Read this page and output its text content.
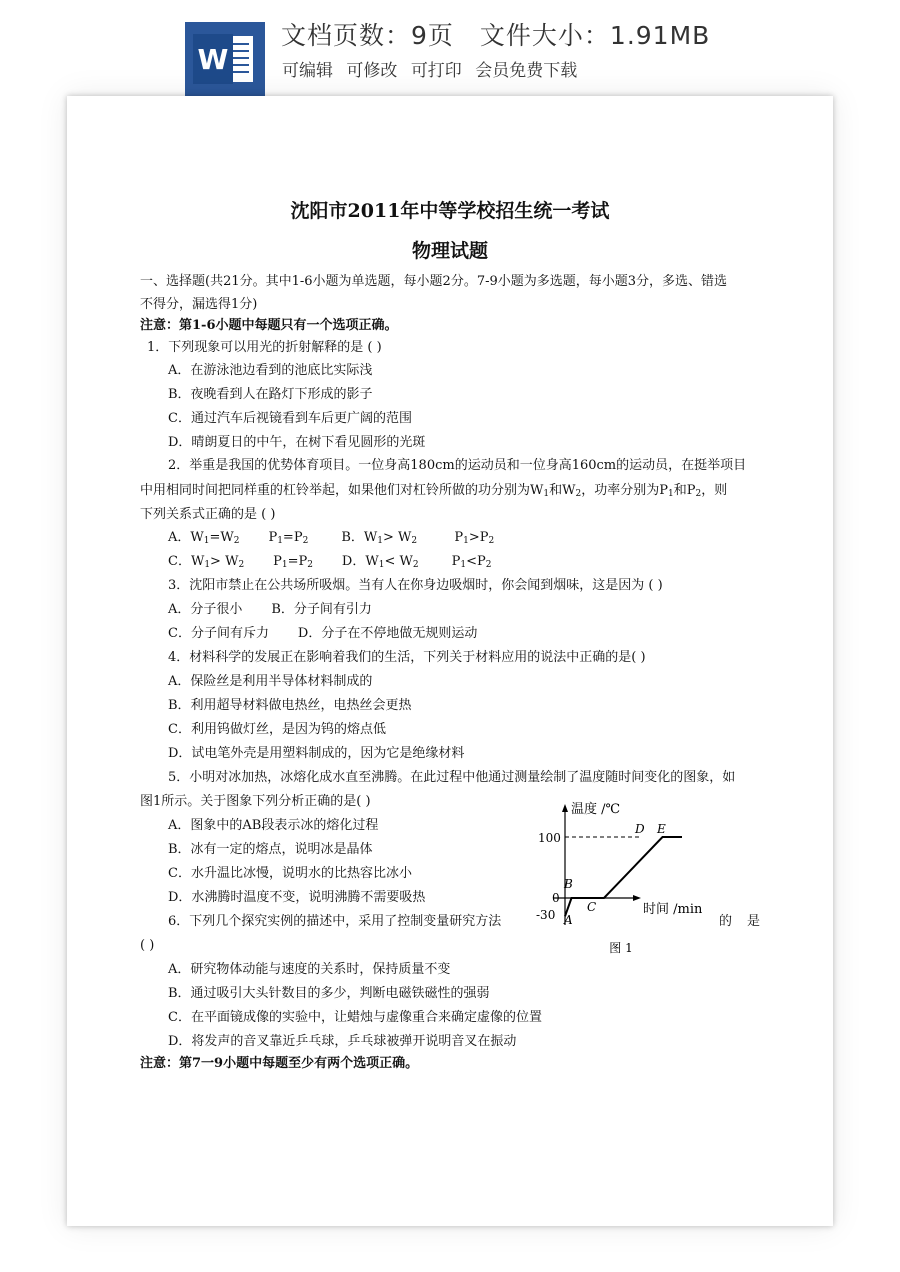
W
文档页数：9页 文件大小：1.91MB
可编辑 可修改 可打印 会员免费下载
沈阳市2011年中等学校招生统一考试
物理试题
一、选择题(共21分。其中1-6小题为单选题，每小题2分。7-9小题为多选题，每小题3分，多选、错选
不得分，漏选得1分)
注意：第1-6小题中每题只有一个选项正确。
1．下列现象可以用光的折射解释的是 ( )
A．在游泳池边看到的池底比实际浅
B．夜晚看到人在路灯下形成的影子
C．通过汽车后视镜看到车后更广阔的范围
D．晴朗夏日的中午，在树下看见圆形的光斑
2．举重是我国的优势体育项目。一位身高180cm的运动员和一位身高160cm的运动员，在挺举项目
中用相同时间把同样重的杠铃举起，如果他们对杠铃所做的功分别为$W_1$和$W_2$，功率分别为$P_1$和$P_2$，则
下列关系式正确的是 ( )
A．$W_1=W_2$ $P_1=P_2$	B．$W_1> W_2$	$P_1>P_2$
C．$W_1> W_2$ $P_1=P_2$ D．$W_1< W_2$	$P_1<P_2$
3．沈阳市禁止在公共场所吸烟。当有人在你身边吸烟时，你会闻到烟味，这是因为 ( )
A．分子很小 B．分子间有引力
C．分子间有斥力 D．分子在不停地做无规则运动
4．材料科学的发展正在影响着我们的生活，下列关于材料应用的说法中正确的是( )
A．保险丝是利用半导体材料制成的
B．利用超导材料做电热丝，电热丝会更热
C．利用钨做灯丝，是因为钨的熔点低
D．试电笔外壳是用塑料制成的，因为它是绝缘材料
5．小明对冰加热，冰熔化成水直至沸腾。在此过程中他通过测量绘制了温度随时间变化的图象，如
图1所示。关于图象下列分析正确的是( )
A．图象中的AB段表示冰的熔化过程
B．冰有一定的熔点，说明冰是晶体
C．水升温比冰慢，说明水的比热容比冰小
D．水沸腾时温度不变，说明沸腾不需要吸热
6．下列几个探究实例的描述中，采用了控制变量研究方法	的 是
( )
A．研究物体动能与速度的关系时，保持质量不变
B．通过吸引大头针数目的多少，判断电磁铁磁性的强弱
C．在平面镜成像的实验中，让蜡烛与虚像重合来确定虚像的位置
D．将发声的音叉靠近乒乓球，乒乓球被弹开说明音叉在振动
注意：第7一9小题中每题至少有两个选项正确。
温度 /℃
时间 /min
100
0
-30 A
B
C
D E
图 1
